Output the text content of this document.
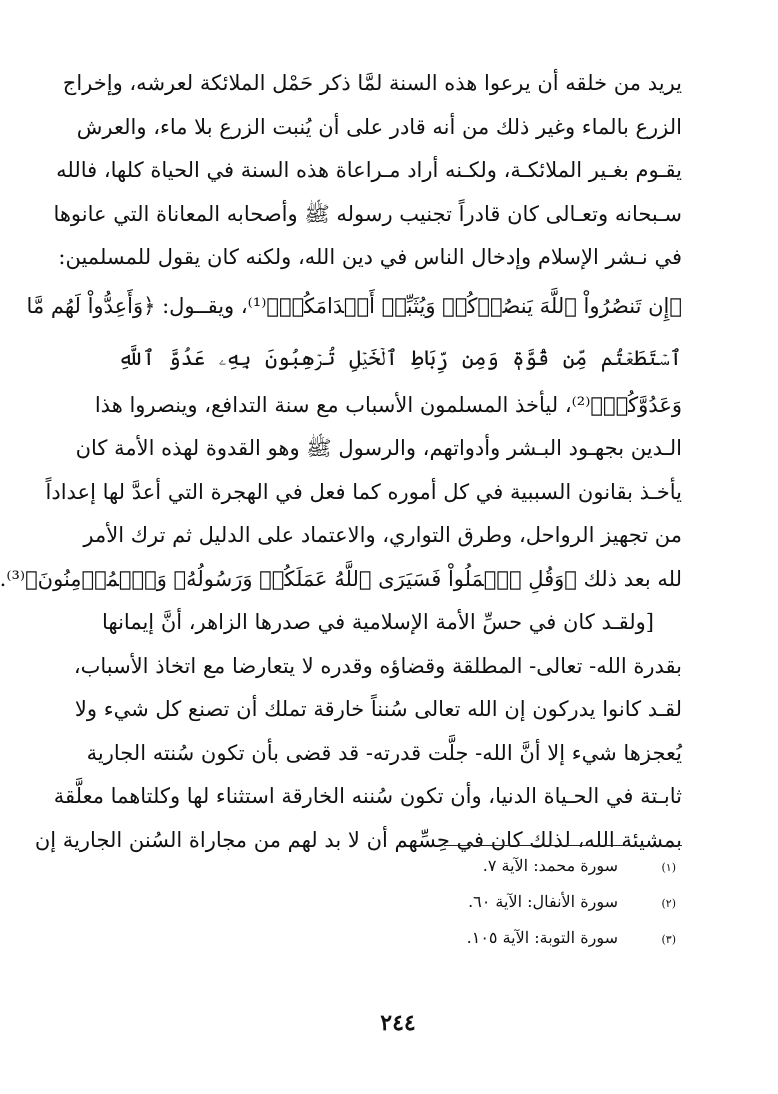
يريد من خلقه أن يرعوا هذه السنة لمَّا ذكر حَمْل الملائكة لعرشه، وإخراج
الزرع بالماء وغير ذلك من أنه قادر على أن يُنبت الزرع بلا ماء، والعرش
يقـوم بغـير الملائكـة، ولكـنه أراد مـراعاة هذه السنة في الحياة كلها، فالله
سـبحانه وتعـالى كان قادراً تجنيب رسوله ﷺ وأصحابه المعاناة التي عانوها
في نـشر الإسلام وإدخال الناس في دين الله، ولكنه كان يقول للمسلمين:
﴿إِن تَنصُرُواْ ٱللَّهَ يَنصُرۡكُمۡ وَيُثَبِّتۡ أَقۡدَامَكُمۡ﴾⁽¹⁾، ويقــول: ﴿وَأَعِدُّواْ لَهُم مَّا
ٱسۡتَطَعۡتُم مِّن قُوَّةٖ وَمِن رِّبَاطِ ٱلۡخَيۡلِ تُرۡهِبُونَ بِهِۦ عَدُوَّ ٱللَّهِ
وَعَدُوَّكُمۡ﴾⁽²⁾، ليأخذ المسلمون الأسباب مع سنة التدافع، وينصروا هذا
الـدين بجهـود البـشر وأدواتهم، والرسول ﷺ وهو القدوة لهذه الأمة كان
يأخـذ بقانون السببية في كل أموره كما فعل في الهجرة التي أعدَّ لها إعداداً
من تجهيز الرواحل، وطرق التواري، والاعتماد على الدليل ثم ترك الأمر
لله بعد ذلك ﴿وَقُلِ ٱعۡمَلُواْ فَسَيَرَى ٱللَّهُ عَمَلَكُمۡ وَرَسُولُهُۥ وَٱلۡمُؤۡمِنُونَ﴾⁽³⁾.
[ولقـد كان في حسِّ الأمة الإسلامية في صدرها الزاهر، أنَّ إيمانها
بقدرة الله- تعالى- المطلقة وقضاؤه وقدره لا يتعارضا مع اتخاذ الأسباب،
لقـد كانوا يدركون إن الله تعالى سُنناً خارقة تملك أن تصنع كل شيء ولا
يُعجزها شيء إلا أنَّ الله- جلَّت قدرته- قد قضى بأن تكون سُنته الجارية
ثابـتة في الحـياة الدنيا، وأن تكون سُننه الخارقة استثناء لها وكلتاهما معلَّقة
بمشيئة الله، لذلك كان في حِسِّهم أن لا بد لهم من مجاراة السُنن الجارية إن
(١)
سورة محمد: الآية ٧.
(٢)
سورة الأنفال: الآية ٦٠.
(٣)
سورة التوبة: الآية ١٠٥.
٢٤٤
